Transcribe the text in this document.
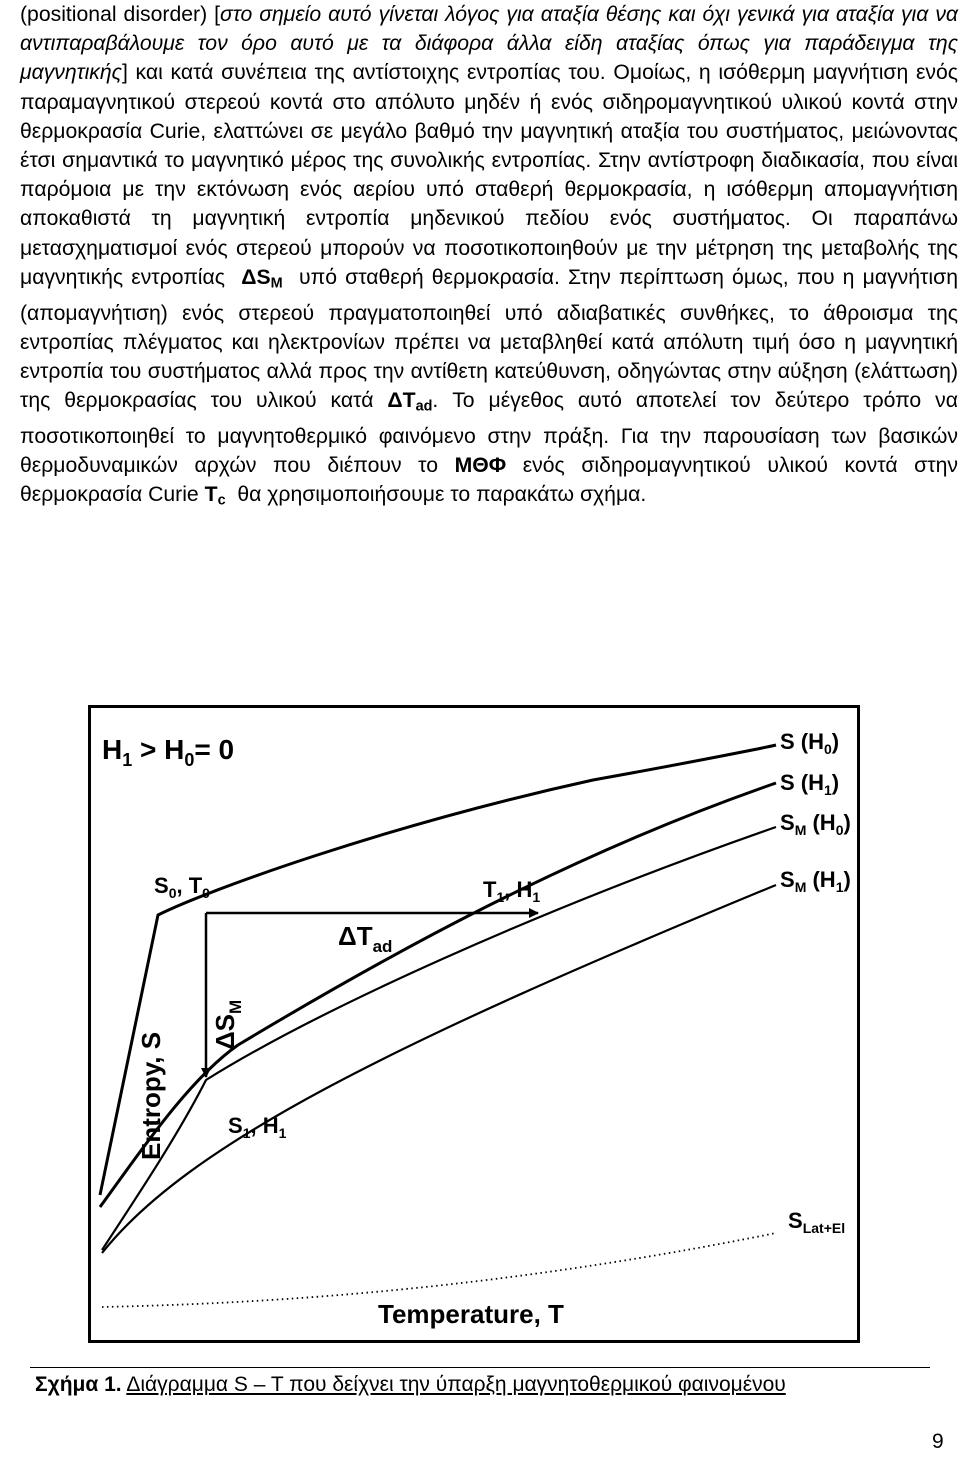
(positional disorder) [στο σημείο αυτό γίνεται λόγος για αταξία θέσης και όχι γενικά για αταξία για να αντιπαραβάλουμε τον όρο αυτό με τα διάφορα άλλα είδη αταξίας όπως για παράδειγμα της μαγνητικής] και κατά συνέπεια της αντίστοιχης εντροπίας του. Ομοίως, η ισόθερμη μαγνήτιση ενός παραμαγνητικού στερεού κοντά στο απόλυτο μηδέν ή ενός σιδηρομαγνητικού υλικού κοντά στην θερμοκρασία Curie, ελαττώνει σε μεγάλο βαθμό την μαγνητική αταξία του συστήματος, μειώνοντας έτσι σημαντικά το μαγνητικό μέρος της συνολικής εντροπίας. Στην αντίστροφη διαδικασία, που είναι παρόμοια με την εκτόνωση ενός αερίου υπό σταθερή θερμοκρασία, η ισόθερμη απομαγνήτιση αποκαθιστά τη μαγνητική εντροπία μηδενικού πεδίου ενός συστήματος. Οι παραπάνω μετασχηματισμοί ενός στερεού μπορούν να ποσοτικοποιηθούν με την μέτρηση της μεταβολής της μαγνητικής εντροπίας $\Delta S_M$ υπό σταθερή θερμοκρασία. Στην περίπτωση όμως, που η μαγνήτιση (απομαγνήτιση) ενός στερεού πραγματοποιηθεί υπό αδιαβατικές συνθήκες, το άθροισμα της εντροπίας πλέγματος και ηλεκτρονίων πρέπει να μεταβληθεί κατά απόλυτη τιμή όσο η μαγνητική εντροπία του συστήματος αλλά προς την αντίθετη κατεύθυνση, οδηγώντας στην αύξηση (ελάττωση) της θερμοκρασίας του υλικού κατά $\Delta T_{ad}$. Το μέγεθος αυτό αποτελεί τον δεύτερο τρόπο να ποσοτικοποιηθεί το μαγνητοθερμικό φαινόμενο στην πράξη. Για την παρουσίαση των βασικών θερμοδυναμικών αρχών που διέπουν το ΜΘΦ ενός σιδηρομαγνητικού υλικού κοντά στην θερμοκρασία Curie $T_c$ θα χρησιμοποιήσουμε το παρακάτω σχήμα.

$H_1 > H_0= 0$
Entropy, S
Temperature, T
S $(H_0)$
S $(H_1)$
$S_M$ $(H_0)$
$S_M$ $(H_1)$
$S_{Lat+El}$
$S_0$, $T_0$	$T_1$, $H_1$
$\Delta T_{ad}$
$\Delta S_M$
$S_1$, $H_1$
Σχήμα 1. Διάγραμμα S – T που δείχνει την ύπαρξη μαγνητοθερμικού φαινομένου
9
